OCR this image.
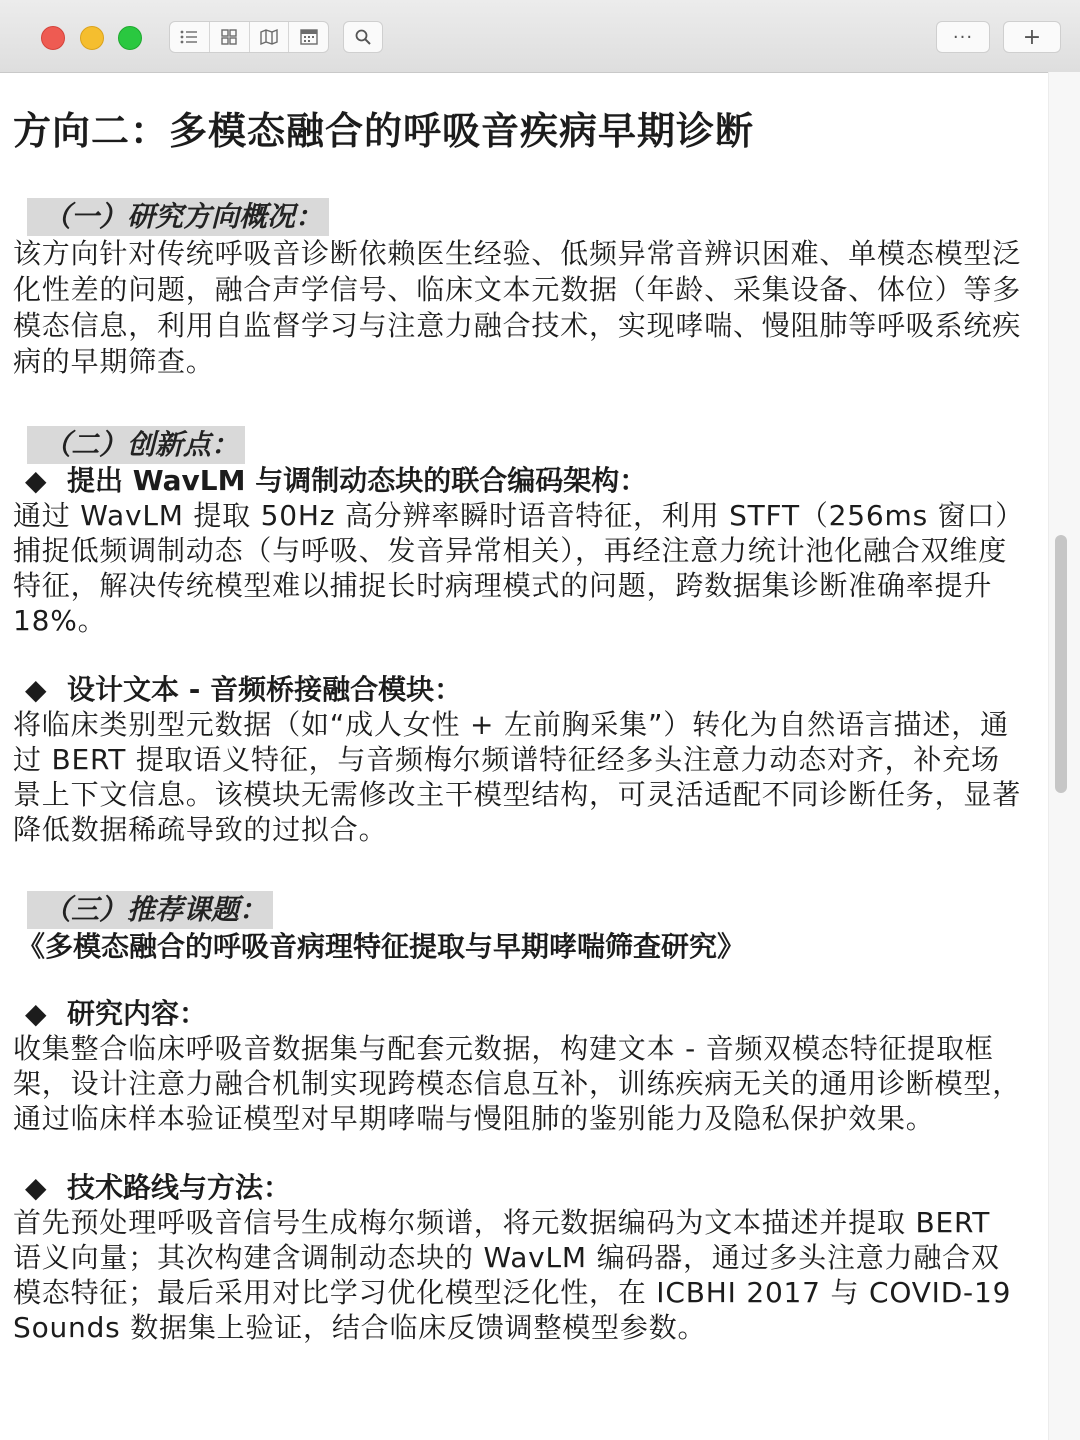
···	+
方向二：多模态融合的呼吸音疾病早期诊断
（一）研究方向概况：

该方向针对传统呼吸音诊断依赖医生经验、低频异常音辨识困难、单模态模型泛化性差的问题，融合声学信号、临床文本元数据（年龄、采集设备、体位）等多模态信息，利用自监督学习与注意力融合技术，实现哮喘、慢阻肺等呼吸系统疾病的早期筛查。

（二）创新点：

◆ 提出 WavLM 与调制动态块的联合编码架构：

通过 WavLM 提取 50Hz 高分辨率瞬时语音特征，利用 STFT（256ms 窗口）捕捉低频调制动态（与呼吸、发音异常相关），再经注意力统计池化融合双维度特征，解决传统模型难以捕捉长时病理模式的问题，跨数据集诊断准确率提升 18%。

◆ 设计文本 - 音频桥接融合模块：

将临床类别型元数据（如“成人女性 + 左前胸采集”）转化为自然语言描述，通过 BERT 提取语义特征，与音频梅尔频谱特征经多头注意力动态对齐，补充场景上下文信息。该模块无需修改主干模型结构，可灵活适配不同诊断任务，显著降低数据稀疏导致的过拟合。

（三）推荐课题：

《多模态融合的呼吸音病理特征提取与早期哮喘筛查研究》

◆ 研究内容：

收集整合临床呼吸音数据集与配套元数据，构建文本 - 音频双模态特征提取框架，设计注意力融合机制实现跨模态信息互补，训练疾病无关的通用诊断模型，通过临床样本验证模型对早期哮喘与慢阻肺的鉴别能力及隐私保护效果。

◆ 技术路线与方法：

首先预处理呼吸音信号生成梅尔频谱，将元数据编码为文本描述并提取 BERT 语义向量；其次构建含调制动态块的 WavLM 编码器，通过多头注意力融合双模态特征；最后采用对比学习优化模型泛化性，在 ICBHI 2017 与 COVID-19 Sounds 数据集上验证，结合临床反馈调整模型参数。
